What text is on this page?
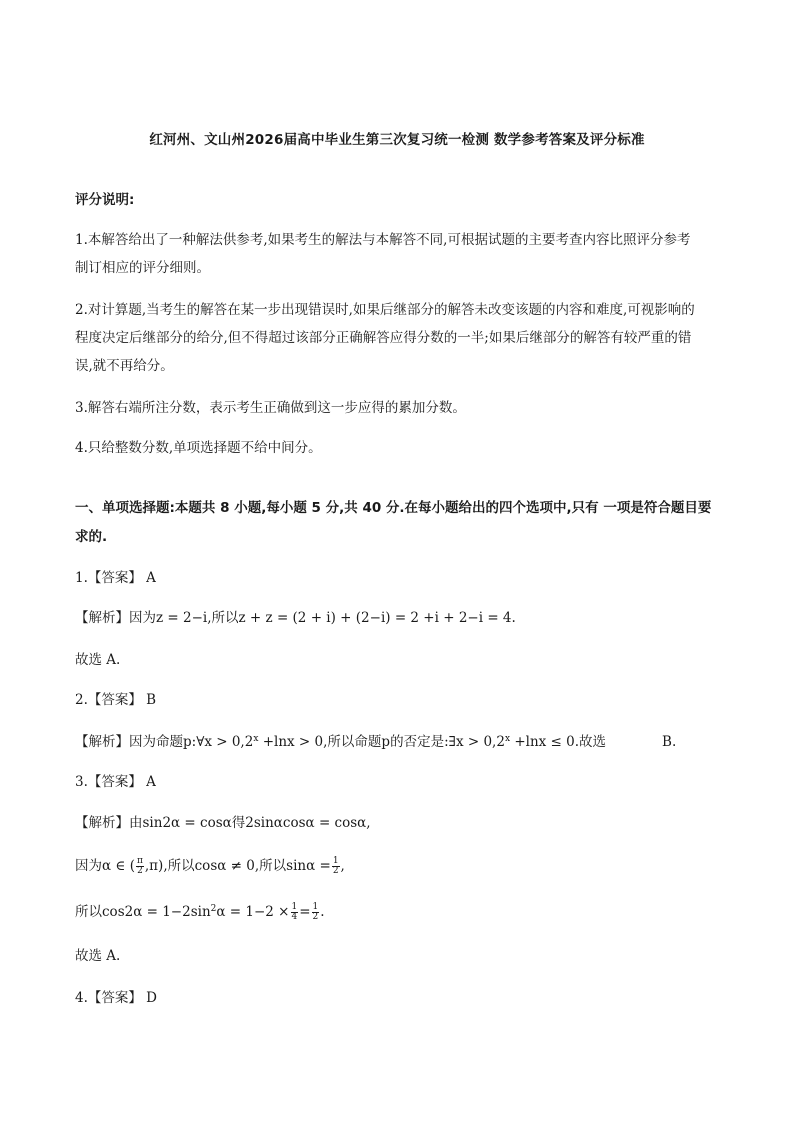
红河州、文山州2026届高中毕业生第三次复习统一检测 数学参考答案及评分标准
评分说明:
1.本解答给出了一种解法供参考,如果考生的解法与本解答不同,可根据试题的主要考查内容比照评分参考
制订相应的评分细则。
2.对计算题,当考生的解答在某一步出现错误时,如果后继部分的解答未改变该题的内容和难度,可视影响的
程度决定后继部分的给分,但不得超过该部分正确解答应得分数的一半;如果后继部分的解答有较严重的错
误,就不再给分。
3.解答右端所注分数，表示考生正确做到这一步应得的累加分数。
4.只给整数分数,单项选择题不给中间分。
一、单项选择题:本题共 8 小题,每小题 5 分,共 40 分.在每小题给出的四个选项中,只有 一项是符合题目要
求的.
1.【答案】 A
【解析】因为z = 2−i,所以z + z = (2 + i) + (2−i) = 2 +i + 2−i = 4.
故选 A.
2.【答案】 B
【解析】因为命题p:∀x > $0,2^x +\ln x > 0$,所以命题p的否定是:∃x > $0,2^x +\ln x \le 0$.故选	B.
3.【答案】 A
【解析】由sin2α = cosα得2sinαcosα = cosα,
因为α ∈ ( $\frac{\pi}{2} ,\pi$),所以cosα ≠ 0,所以$\sin\alpha = \frac{1}{2}$ ,
所以$\cos 2\alpha = 1-2\sin^2\alpha = 1-2 \times \frac{1}{4} = \frac{1}{2}$ .
故选 A.
4.【答案】 D
